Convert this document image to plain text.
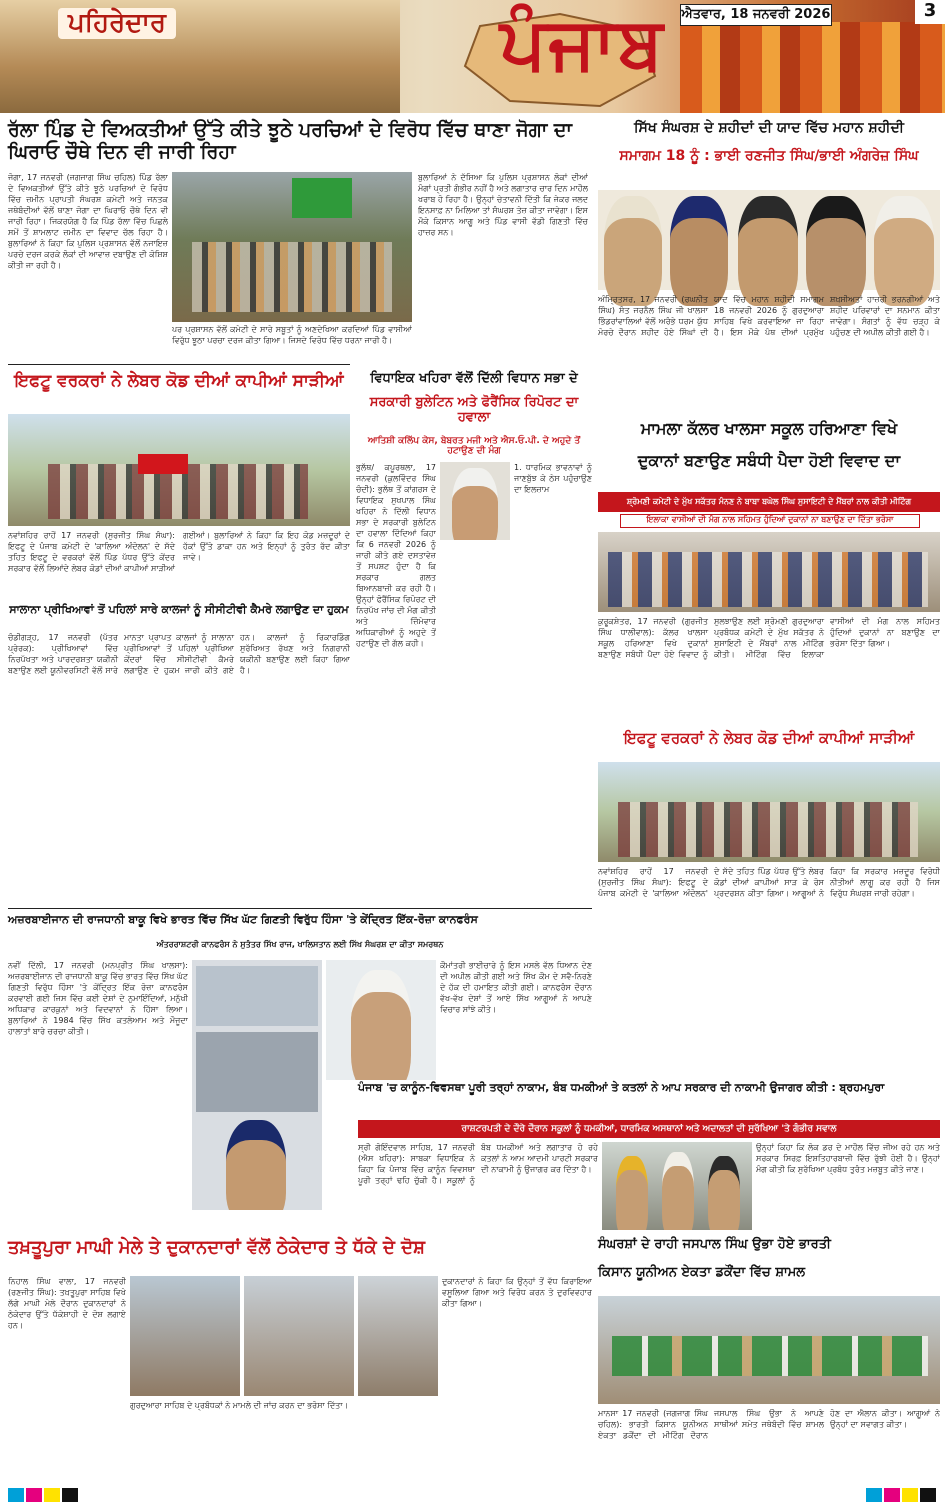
ਪਹਿਰੇਦਾਰ	ਪੰਜਾਬ ਐਤਵਾਰ, 18 ਜਨਵਰੀ 2026	3
ਰੱਲਾ ਪਿੰਡ ਦੇ ਵਿਅਕਤੀਆਂ ਉੱਤੇ ਕੀਤੇ ਝੂਠੇ ਪਰਚਿਆਂ ਦੇ ਵਿਰੋਧ ਵਿੱਚ ਥਾਣਾ ਜੋਗਾ ਦਾ ਘਿਰਾਓ ਚੌਥੇ ਦਿਨ ਵੀ ਜਾਰੀ ਰਿਹਾ
ਜੋਗਾ, 17 ਜਨਵਰੀ (ਜਗਜਾਗ ਸਿੰਘ ਚਹਿਲ) ਪਿੰਡ ਰੱਲਾ ਦੇ ਵਿਅਕਤੀਆਂ ਉੱਤੇ ਕੀਤੇ ਝੂਠੇ ਪਰਚਿਆਂ ਦੇ ਵਿਰੋਧ ਵਿੱਚ ਜ਼ਮੀਨ ਪ੍ਰਾਪਤੀ ਸੰਘਰਸ਼ ਕਮੇਟੀ ਅਤੇ ਜਨਤਕ ਜਥੇਬੰਦੀਆਂ ਵੱਲੋਂ ਥਾਣਾ ਜੋਗਾ ਦਾ ਘਿਰਾਓ ਚੌਥੇ ਦਿਨ ਵੀ ਜਾਰੀ ਰਿਹਾ। ਜਿਕਰਯੋਗ ਹੈ ਕਿ ਪਿੰਡ ਰੱਲਾ ਵਿੱਚ ਪਿਛਲੇ ਸਮੇਂ ਤੋਂ ਸ਼ਾਮਲਾਟ ਜ਼ਮੀਨ ਦਾ ਵਿਵਾਦ ਚੱਲ ਰਿਹਾ ਹੈ। ਬੁਲਾਰਿਆਂ ਨੇ ਕਿਹਾ ਕਿ ਪੁਲਿਸ ਪ੍ਰਸ਼ਾਸਨ ਵੱਲੋਂ ਨਜਾਇਜ਼ ਪਰਚੇ ਦਰਜ ਕਰਕੇ ਲੋਕਾਂ ਦੀ ਆਵਾਜ਼ ਦਬਾਉਣ ਦੀ ਕੋਸ਼ਿਸ਼ ਕੀਤੀ ਜਾ ਰਹੀ ਹੈ।
ਪਰ ਪ੍ਰਸ਼ਾਸਨ ਵੱਲੋਂ ਕਮੇਟੀ ਦੇ ਸਾਰੇ ਸਬੂਤਾਂ ਨੂੰ ਅਣਦੇਖਿਆ ਕਰਦਿਆਂ ਪਿੰਡ ਵਾਸੀਆਂ ਵਿਰੁੱਧ ਝੂਠਾ ਪਰਚਾ ਦਰਜ ਕੀਤਾ ਗਿਆ। ਜਿਸਦੇ ਵਿਰੋਧ ਵਿੱਚ ਧਰਨਾ ਜਾਰੀ ਹੈ।
ਬੁਲਾਰਿਆਂ ਨੇ ਦੱਸਿਆ ਕਿ ਪੁਲਿਸ ਪ੍ਰਸ਼ਾਸਨ ਲੋਕਾਂ ਦੀਆਂ ਮੰਗਾਂ ਪ੍ਰਤੀ ਗੰਭੀਰ ਨਹੀਂ ਹੈ ਅਤੇ ਲਗਾਤਾਰ ਚਾਰ ਦਿਨ ਮਾਹੌਲ ਖਰਾਬ ਹੋ ਰਿਹਾ ਹੈ। ਉਨ੍ਹਾਂ ਚੇਤਾਵਨੀ ਦਿੱਤੀ ਕਿ ਜੇਕਰ ਜਲਦ ਇਨਸਾਫ਼ ਨਾ ਮਿਲਿਆ ਤਾਂ ਸੰਘਰਸ਼ ਤੇਜ਼ ਕੀਤਾ ਜਾਵੇਗਾ। ਇਸ ਮੌਕੇ ਕਿਸਾਨ ਆਗੂ ਅਤੇ ਪਿੰਡ ਵਾਸੀ ਵੱਡੀ ਗਿਣਤੀ ਵਿੱਚ ਹਾਜ਼ਰ ਸਨ।
ਸਿੱਖ ਸੰਘਰਸ਼ ਦੇ ਸ਼ਹੀਦਾਂ ਦੀ ਯਾਦ ਵਿੱਚ ਮਹਾਨ ਸ਼ਹੀਦੀ
ਸਮਾਗਮ 18 ਨੂੰ : ਭਾਈ ਰਣਜੀਤ ਸਿੰਘ/ਭਾਈ ਅੰਗਰੇਜ਼ ਸਿੰਘ
ਅੰਮ੍ਰਿਤਸਰ, 17 ਜਨਵਰੀ (ਰਘਨੀਤ ਸਿੰਘ) ਸੰਤ ਜਰਨੈਲ ਸਿੰਘ ਜੀ ਖਾਲਸਾ ਭਿੰਡਰਾਂਵਾਲਿਆਂ ਵੱਲੋਂ ਅਰੰਭੇ ਧਰਮ ਯੁੱਧ ਮੋਰਚੇ ਦੌਰਾਨ ਸ਼ਹੀਦ ਹੋਏ ਸਿੰਘਾਂ ਦੀ ਯਾਦ ਵਿੱਚ ਮਹਾਨ ਸ਼ਹੀਦੀ ਸਮਾਗਮ 18 ਜਨਵਰੀ 2026 ਨੂੰ ਗੁਰਦੁਆਰਾ ਸਾਹਿਬ ਵਿਖੇ ਕਰਵਾਇਆ ਜਾ ਰਿਹਾ ਹੈ। ਇਸ ਮੌਕੇ ਪੰਥ ਦੀਆਂ ਪ੍ਰਮੁੱਖ ਸ਼ਖ਼ਸੀਅਤਾਂ ਹਾਜ਼ਰੀ ਭਰਨਗੀਆਂ ਅਤੇ ਸ਼ਹੀਦ ਪਰਿਵਾਰਾਂ ਦਾ ਸਨਮਾਨ ਕੀਤਾ ਜਾਵੇਗਾ। ਸੰਗਤਾਂ ਨੂੰ ਵੱਧ ਚੜ੍ਹ ਕੇ ਪਹੁੰਚਣ ਦੀ ਅਪੀਲ ਕੀਤੀ ਗਈ ਹੈ।
ਇਫਟੂ ਵਰਕਰਾਂ ਨੇ ਲੇਬਰ ਕੋਡ ਦੀਆਂ ਕਾਪੀਆਂ ਸਾੜੀਆਂ
ਨਵਾਂਸ਼ਹਿਰ ਰਾਹੋਂ 17 ਜਨਵਰੀ (ਸੁਰਜੀਤ ਸਿੰਘ ਸੰਘਾ): ਇਫਟੂ ਦੇ ਪੰਜਾਬ ਕਮੇਟੀ ਦੇ 'ਕਾਲਿਆ ਅੰਦੋਲਨ' ਦੇ ਸੱਦੇ ਤਹਿਤ ਇਫਟੂ ਦੇ ਵਰਕਰਾਂ ਵੱਲੋਂ ਪਿੰਡ ਪੱਧਰ ਉੱਤੇ ਕੇਂਦਰ ਸਰਕਾਰ ਵੱਲੋਂ ਲਿਆਂਦੇ ਲੇਬਰ ਕੋਡਾਂ ਦੀਆਂ ਕਾਪੀਆਂ ਸਾੜੀਆਂ ਗਈਆਂ। ਬੁਲਾਰਿਆਂ ਨੇ ਕਿਹਾ ਕਿ ਇਹ ਕੋਡ ਮਜ਼ਦੂਰਾਂ ਦੇ ਹੱਕਾਂ ਉੱਤੇ ਡਾਕਾ ਹਨ ਅਤੇ ਇਨ੍ਹਾਂ ਨੂੰ ਤੁਰੰਤ ਰੱਦ ਕੀਤਾ ਜਾਵੇ।
ਵਿਧਾਇਕ ਖਹਿਰਾ ਵੱਲੋਂ ਦਿੱਲੀ ਵਿਧਾਨ ਸਭਾ ਦੇ
ਸਰਕਾਰੀ ਬੁਲੇਟਿਨ ਅਤੇ ਫੋਰੈਂਸਿਕ ਰਿਪੋਰਟ ਦਾ ਹਵਾਲਾ
ਆਤਿਸ਼ੀ ਕਲਿੱਪ ਕੇਸ, ਬੇਬਰਤ ਮਜੀ ਅਤੇ ਐਸ.ਓ.ਪੀ. ਦੇ ਅਹੁਦੇ ਤੋਂ ਹਟਾਉਣ ਦੀ ਮੰਗ
ਭੁਲੱਥ/ ਕਪੂਰਥਲਾ, 17 ਜਨਵਰੀ (ਕੁਲਵਿੰਦਰ ਸਿੰਘ ਚੰਦੀ): ਭੁਲੱਥ ਤੋਂ ਕਾਂਗਰਸ ਦੇ ਵਿਧਾਇਕ ਸੁਖਪਾਲ ਸਿੰਘ ਖਹਿਰਾ ਨੇ ਦਿੱਲੀ ਵਿਧਾਨ ਸਭਾ ਦੇ ਸਰਕਾਰੀ ਬੁਲੇਟਿਨ ਦਾ ਹਵਾਲਾ ਦਿੰਦਿਆਂ ਕਿਹਾ ਕਿ 6 ਜਨਵਰੀ 2026 ਨੂੰ ਜਾਰੀ ਕੀਤੇ ਗਏ ਦਸਤਾਵੇਜ਼ ਤੋਂ ਸਪਸ਼ਟ ਹੁੰਦਾ ਹੈ ਕਿ ਸਰਕਾਰ ਗਲਤ ਬਿਆਨਬਾਜ਼ੀ ਕਰ ਰਹੀ ਹੈ। ਉਨ੍ਹਾਂ ਫੋਰੈਂਸਿਕ ਰਿਪੋਰਟ ਦੀ ਨਿਰਪੱਖ ਜਾਂਚ ਦੀ ਮੰਗ ਕੀਤੀ ਅਤੇ ਜ਼ਿੰਮੇਵਾਰ ਅਧਿਕਾਰੀਆਂ ਨੂੰ ਅਹੁਦੇ ਤੋਂ ਹਟਾਉਣ ਦੀ ਗੱਲ ਕਹੀ।
1. ਧਾਰਮਿਕ ਭਾਵਨਾਵਾਂ ਨੂੰ ਜਾਣਬੁੱਝ ਕੇ ਠੇਸ ਪਹੁੰਚਾਉਣ ਦਾ ਇਲਜ਼ਾਮ
ਮਾਮਲਾ ਕੱਲਰ ਖਾਲਸਾ ਸਕੂਲ ਹਰਿਆਣਾ ਵਿਖੇ
ਦੁਕਾਨਾਂ ਬਣਾਉਣ ਸਬੰਧੀ ਪੈਦਾ ਹੋਈ ਵਿਵਾਦ ਦਾ
ਸ਼੍ਰੋਮਣੀ ਕਮੇਟੀ ਦੇ ਮੁੱਖ ਸਕੱਤਰ ਮੰਨਣ ਨੇ ਬਾਬਾ ਬਘੇਲ ਸਿੰਘ ਸੁਸਾਇਟੀ ਦੇ ਮੈਂਬਰਾਂ ਨਾਲ ਕੀਤੀ ਮੀਟਿੰਗ
ਇਲਾਕਾ ਵਾਸੀਆਂ ਦੀ ਮੰਗ ਨਾਲ ਸਹਿਮਤ ਹੁੰਦਿਆਂ ਦੁਕਾਨਾਂ ਨਾ ਬਣਾਉਣ ਦਾ ਦਿੱਤਾ ਭਰੋਸਾ
ਕੁਰੂਕਸ਼ੇਤਰ, 17 ਜਨਵਰੀ (ਗੁਰਜੀਤ ਸਿੰਘ ਧਾਲੀਵਾਲ): ਕੱਲਰ ਖਾਲਸਾ ਸਕੂਲ ਹਰਿਆਣਾ ਵਿਖੇ ਦੁਕਾਨਾਂ ਬਣਾਉਣ ਸਬੰਧੀ ਪੈਦਾ ਹੋਏ ਵਿਵਾਦ ਨੂੰ ਸੁਲਝਾਉਣ ਲਈ ਸ਼੍ਰੋਮਣੀ ਗੁਰਦੁਆਰਾ ਪ੍ਰਬੰਧਕ ਕਮੇਟੀ ਦੇ ਮੁੱਖ ਸਕੱਤਰ ਨੇ ਸੁਸਾਇਟੀ ਦੇ ਮੈਂਬਰਾਂ ਨਾਲ ਮੀਟਿੰਗ ਕੀਤੀ। ਮੀਟਿੰਗ ਵਿੱਚ ਇਲਾਕਾ ਵਾਸੀਆਂ ਦੀ ਮੰਗ ਨਾਲ ਸਹਿਮਤ ਹੁੰਦਿਆਂ ਦੁਕਾਨਾਂ ਨਾ ਬਣਾਉਣ ਦਾ ਭਰੋਸਾ ਦਿੱਤਾ ਗਿਆ।
ਸਾਲਾਨਾ ਪ੍ਰੀਖਿਆਵਾਂ ਤੋਂ ਪਹਿਲਾਂ ਸਾਰੇ ਕਾਲਜਾਂ ਨੂੰ ਸੀਸੀਟੀਵੀ ਕੈਮਰੇ ਲਗਾਉਣ ਦਾ ਹੁਕਮ
ਚੰਡੀਗੜ੍ਹ, 17 ਜਨਵਰੀ (ਪੱਤਰ ਪ੍ਰੇਰਕ): ਪ੍ਰੀਖਿਆਵਾਂ ਵਿੱਚ ਨਿਰਪੱਖਤਾ ਅਤੇ ਪਾਰਦਰਸ਼ਤਾ ਯਕੀਨੀ ਬਣਾਉਣ ਲਈ ਯੂਨੀਵਰਸਿਟੀ ਵੱਲੋਂ ਸਾਰੇ ਮਾਨਤਾ ਪ੍ਰਾਪਤ ਕਾਲਜਾਂ ਨੂੰ ਸਾਲਾਨਾ ਪ੍ਰੀਖਿਆਵਾਂ ਤੋਂ ਪਹਿਲਾਂ ਪ੍ਰੀਖਿਆ ਕੇਂਦਰਾਂ ਵਿੱਚ ਸੀਸੀਟੀਵੀ ਕੈਮਰੇ ਲਗਾਉਣ ਦੇ ਹੁਕਮ ਜਾਰੀ ਕੀਤੇ ਗਏ ਹਨ। ਕਾਲਜਾਂ ਨੂੰ ਰਿਕਾਰਡਿੰਗ ਸੁਰੱਖਿਅਤ ਰੱਖਣ ਅਤੇ ਨਿਗਰਾਨੀ ਯਕੀਨੀ ਬਣਾਉਣ ਲਈ ਕਿਹਾ ਗਿਆ ਹੈ।
ਇਫਟੂ ਵਰਕਰਾਂ ਨੇ ਲੇਬਰ ਕੋਡ ਦੀਆਂ ਕਾਪੀਆਂ ਸਾੜੀਆਂ
ਨਵਾਂਸ਼ਹਿਰ ਰਾਹੋਂ 17 ਜਨਵਰੀ (ਸੁਰਜੀਤ ਸਿੰਘ ਸੰਘਾ): ਇਫਟੂ ਦੇ ਪੰਜਾਬ ਕਮੇਟੀ ਦੇ 'ਕਾਲਿਆ ਅੰਦੋਲਨ' ਦੇ ਸੱਦੇ ਤਹਿਤ ਪਿੰਡ ਪੱਧਰ ਉੱਤੇ ਲੇਬਰ ਕੋਡਾਂ ਦੀਆਂ ਕਾਪੀਆਂ ਸਾੜ ਕੇ ਰੋਸ ਪ੍ਰਦਰਸ਼ਨ ਕੀਤਾ ਗਿਆ। ਆਗੂਆਂ ਨੇ ਕਿਹਾ ਕਿ ਸਰਕਾਰ ਮਜ਼ਦੂਰ ਵਿਰੋਧੀ ਨੀਤੀਆਂ ਲਾਗੂ ਕਰ ਰਹੀ ਹੈ ਜਿਸ ਵਿਰੁੱਧ ਸੰਘਰਸ਼ ਜਾਰੀ ਰਹੇਗਾ।
ਅਜ਼ਰਬਾਈਜਾਨ ਦੀ ਰਾਜਧਾਨੀ ਬਾਕੂ ਵਿਖੇ ਭਾਰਤ ਵਿੱਚ ਸਿੱਖ ਘੱਟ ਗਿਣਤੀ ਵਿਰੁੱਧ ਹਿੰਸਾ 'ਤੇ ਕੇਂਦ੍ਰਿਤ ਇੱਕ-ਰੋਜ਼ਾ ਕਾਨਫਰੰਸ
ਅੰਤਰਰਾਸ਼ਟਰੀ ਕਾਨਫਰੰਸ ਨੇ ਸੁਤੰਤਰ ਸਿੱਖ ਰਾਜ, ਖਾਲਿਸਤਾਨ ਲਈ ਸਿੱਖ ਸੰਘਰਸ਼ ਦਾ ਕੀਤਾ ਸਮਰਥਨ
ਨਵੀਂ ਦਿੱਲੀ, 17 ਜਨਵਰੀ (ਮਨਪ੍ਰੀਤ ਸਿੰਘ ਖਾਲਸਾ): ਅਜ਼ਰਬਾਈਜਾਨ ਦੀ ਰਾਜਧਾਨੀ ਬਾਕੂ ਵਿੱਚ ਭਾਰਤ ਵਿੱਚ ਸਿੱਖ ਘੱਟ ਗਿਣਤੀ ਵਿਰੁੱਧ ਹਿੰਸਾ 'ਤੇ ਕੇਂਦ੍ਰਿਤ ਇੱਕ ਰੋਜ਼ਾ ਕਾਨਫਰੰਸ ਕਰਵਾਈ ਗਈ ਜਿਸ ਵਿੱਚ ਕਈ ਦੇਸ਼ਾਂ ਦੇ ਨੁਮਾਇੰਦਿਆਂ, ਮਨੁੱਖੀ ਅਧਿਕਾਰ ਕਾਰਕੁਨਾਂ ਅਤੇ ਵਿਦਵਾਨਾਂ ਨੇ ਹਿੱਸਾ ਲਿਆ। ਬੁਲਾਰਿਆਂ ਨੇ 1984 ਵਿੱਚ ਸਿੱਖ ਕਤਲੇਆਮ ਅਤੇ ਮੌਜੂਦਾ ਹਾਲਾਤਾਂ ਬਾਰੇ ਚਰਚਾ ਕੀਤੀ।
ਕੌਮਾਂਤਰੀ ਭਾਈਚਾਰੇ ਨੂੰ ਇਸ ਮਸਲੇ ਵੱਲ ਧਿਆਨ ਦੇਣ ਦੀ ਅਪੀਲ ਕੀਤੀ ਗਈ ਅਤੇ ਸਿੱਖ ਕੌਮ ਦੇ ਸਵੈ-ਨਿਰਣੇ ਦੇ ਹੱਕ ਦੀ ਹਮਾਇਤ ਕੀਤੀ ਗਈ। ਕਾਨਫਰੰਸ ਦੌਰਾਨ ਵੱਖ-ਵੱਖ ਦੇਸ਼ਾਂ ਤੋਂ ਆਏ ਸਿੱਖ ਆਗੂਆਂ ਨੇ ਆਪਣੇ ਵਿਚਾਰ ਸਾਂਝੇ ਕੀਤੇ।
ਪੰਜਾਬ 'ਚ ਕਾਨੂੰਨ-ਵਿਵਸਥਾ ਪੂਰੀ ਤਰ੍ਹਾਂ ਨਾਕਾਮ, ਬੰਬ ਧਮਕੀਆਂ ਤੇ ਕਤਲਾਂ ਨੇ ਆਪ ਸਰਕਾਰ ਦੀ ਨਾਕਾਮੀ ਉਜਾਗਰ ਕੀਤੀ : ਬ੍ਰਹਮਪੁਰਾ
ਰਾਸ਼ਟਰਪਤੀ ਦੇ ਦੌਰੇ ਦੌਰਾਨ ਸਕੂਲਾਂ ਨੂੰ ਧਮਕੀਆਂ, ਧਾਰਮਿਕ ਅਸਥਾਨਾਂ ਅਤੇ ਅਦਾਲਤਾਂ ਦੀ ਸੁਰੱਖਿਆ 'ਤੇ ਗੰਭੀਰ ਸਵਾਲ
ਸ੍ਰੀ ਗੋਇੰਦਵਾਲ ਸਾਹਿਬ, 17 ਜਨਵਰੀ (ਐਸ ਖਹਿਰਾ): ਸਾਬਕਾ ਵਿਧਾਇਕ ਨੇ ਕਿਹਾ ਕਿ ਪੰਜਾਬ ਵਿੱਚ ਕਾਨੂੰਨ ਵਿਵਸਥਾ ਪੂਰੀ ਤਰ੍ਹਾਂ ਢਹਿ ਚੁੱਕੀ ਹੈ। ਸਕੂਲਾਂ ਨੂੰ ਬੰਬ ਧਮਕੀਆਂ ਅਤੇ ਲਗਾਤਾਰ ਹੋ ਰਹੇ ਕਤਲਾਂ ਨੇ ਆਮ ਆਦਮੀ ਪਾਰਟੀ ਸਰਕਾਰ ਦੀ ਨਾਕਾਮੀ ਨੂੰ ਉਜਾਗਰ ਕਰ ਦਿੱਤਾ ਹੈ।
ਉਨ੍ਹਾਂ ਕਿਹਾ ਕਿ ਲੋਕ ਡਰ ਦੇ ਮਾਹੌਲ ਵਿੱਚ ਜੀਅ ਰਹੇ ਹਨ ਅਤੇ ਸਰਕਾਰ ਸਿਰਫ਼ ਇਸ਼ਤਿਹਾਰਬਾਜ਼ੀ ਵਿੱਚ ਰੁੱਝੀ ਹੋਈ ਹੈ। ਉਨ੍ਹਾਂ ਮੰਗ ਕੀਤੀ ਕਿ ਸੁਰੱਖਿਆ ਪ੍ਰਬੰਧ ਤੁਰੰਤ ਮਜ਼ਬੂਤ ਕੀਤੇ ਜਾਣ।
ਤਖ਼ਤੂਪੁਰਾ ਮਾਘੀ ਮੇਲੇ ਤੇ ਦੁਕਾਨਦਾਰਾਂ ਵੱਲੋਂ ਠੇਕੇਦਾਰ ਤੇ ਧੱਕੇ ਦੇ ਦੋਸ਼
ਨਿਹਾਲ ਸਿੰਘ ਵਾਲਾ, 17 ਜਨਵਰੀ (ਰਣਜੀਤ ਸਿੰਘ): ਤਖ਼ਤੂਪੁਰਾ ਸਾਹਿਬ ਵਿਖੇ ਲੱਗੇ ਮਾਘੀ ਮੇਲੇ ਦੌਰਾਨ ਦੁਕਾਨਦਾਰਾਂ ਨੇ ਠੇਕੇਦਾਰ ਉੱਤੇ ਧੱਕੇਸ਼ਾਹੀ ਦੇ ਦੋਸ਼ ਲਗਾਏ ਹਨ।
ਗੁਰਦੁਆਰਾ ਸਾਹਿਬ ਦੇ ਪ੍ਰਬੰਧਕਾਂ ਨੇ ਮਾਮਲੇ ਦੀ ਜਾਂਚ ਕਰਨ ਦਾ ਭਰੋਸਾ ਦਿੱਤਾ।
ਦੁਕਾਨਦਾਰਾਂ ਨੇ ਕਿਹਾ ਕਿ ਉਨ੍ਹਾਂ ਤੋਂ ਵੱਧ ਕਿਰਾਇਆ ਵਸੂਲਿਆ ਗਿਆ ਅਤੇ ਵਿਰੋਧ ਕਰਨ ਤੇ ਦੁਰਵਿਵਹਾਰ ਕੀਤਾ ਗਿਆ।
ਸੰਘਰਸ਼ਾਂ ਦੇ ਰਾਹੀ ਜਸਪਾਲ ਸਿੰਘ ਉਭਾ ਹੋਏ ਭਾਰਤੀ
ਕਿਸਾਨ ਯੂਨੀਅਨ ਏਕਤਾ ਡਕੌਂਦਾ ਵਿੱਚ ਸ਼ਾਮਲ
ਮਾਨਸਾ 17 ਜਨਵਰੀ (ਜਗਜਾਗ ਸਿੰਘ ਚਹਿਲ): ਭਾਰਤੀ ਕਿਸਾਨ ਯੂਨੀਅਨ ਏਕਤਾ ਡਕੌਂਦਾ ਦੀ ਮੀਟਿੰਗ ਦੌਰਾਨ ਜਸਪਾਲ ਸਿੰਘ ਉਭਾ ਨੇ ਆਪਣੇ ਸਾਥੀਆਂ ਸਮੇਤ ਜਥੇਬੰਦੀ ਵਿੱਚ ਸ਼ਾਮਲ ਹੋਣ ਦਾ ਐਲਾਨ ਕੀਤਾ। ਆਗੂਆਂ ਨੇ ਉਨ੍ਹਾਂ ਦਾ ਸਵਾਗਤ ਕੀਤਾ।
